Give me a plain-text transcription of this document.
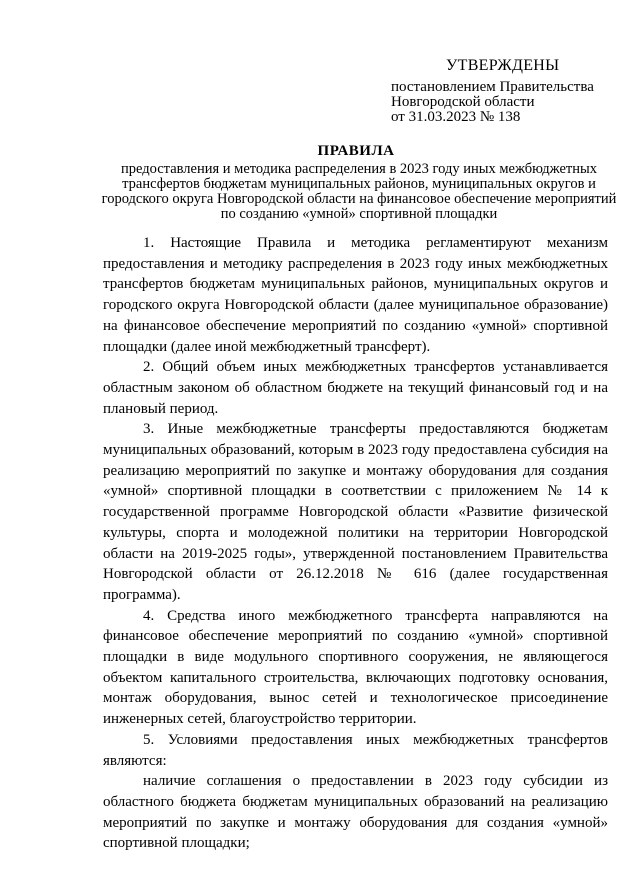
УТВЕРЖДЕНЫ
постановлением Правительства
Новгородской области
от 31.03.2023 № 138
ПРАВИЛА
предоставления и методика распределения в 2023 году иных межбюджетных трансфертов бюджетам муниципальных районов, муниципальных округов и городского округа Новгородской области на финансовое обеспечение мероприятий по созданию «умной» спортивной площадки

1. Настоящие Правила и методика регламентируют механизм предоставления и методику распределения в 2023 году иных межбюджетных трансфертов бюджетам муниципальных районов, муниципальных округов и городского округа Новгородской области (далее муниципальное образование) на финансовое обеспечение мероприятий по созданию «умной» спортивной площадки (далее иной межбюджетный трансферт).

2. Общий объем иных межбюджетных трансфертов устанавливается областным законом об областном бюджете на текущий финансовый год и на плановый период.

3. Иные межбюджетные трансферты предоставляются бюджетам муниципальных образований, которым в 2023 году предоставлена субсидия на реализацию мероприятий по закупке и монтажу оборудования для создания «умной» спортивной площадки в соответствии с приложением № 14 к государственной программе Новгородской области «Развитие физической культуры, спорта и молодежной политики на территории Новгородской области на 2019-2025 годы», утвержденной постановлением Правительства Новгородской области от 26.12.2018 № 616 (далее государственная программа).

4. Средства иного межбюджетного трансферта направляются на финансовое обеспечение мероприятий по созданию «умной» спортивной площадки в виде модульного спортивного сооружения, не являющегося объектом капитального строительства, включающих подготовку основания, монтаж оборудования, вынос сетей и технологическое присоединение инженерных сетей, благоустройство территории.

5. Условиями предоставления иных межбюджетных трансфертов являются:

наличие соглашения о предоставлении в 2023 году субсидии из областного бюджета бюджетам муниципальных образований на реализацию мероприятий по закупке и монтажу оборудования для создания «умной» спортивной площадки;
